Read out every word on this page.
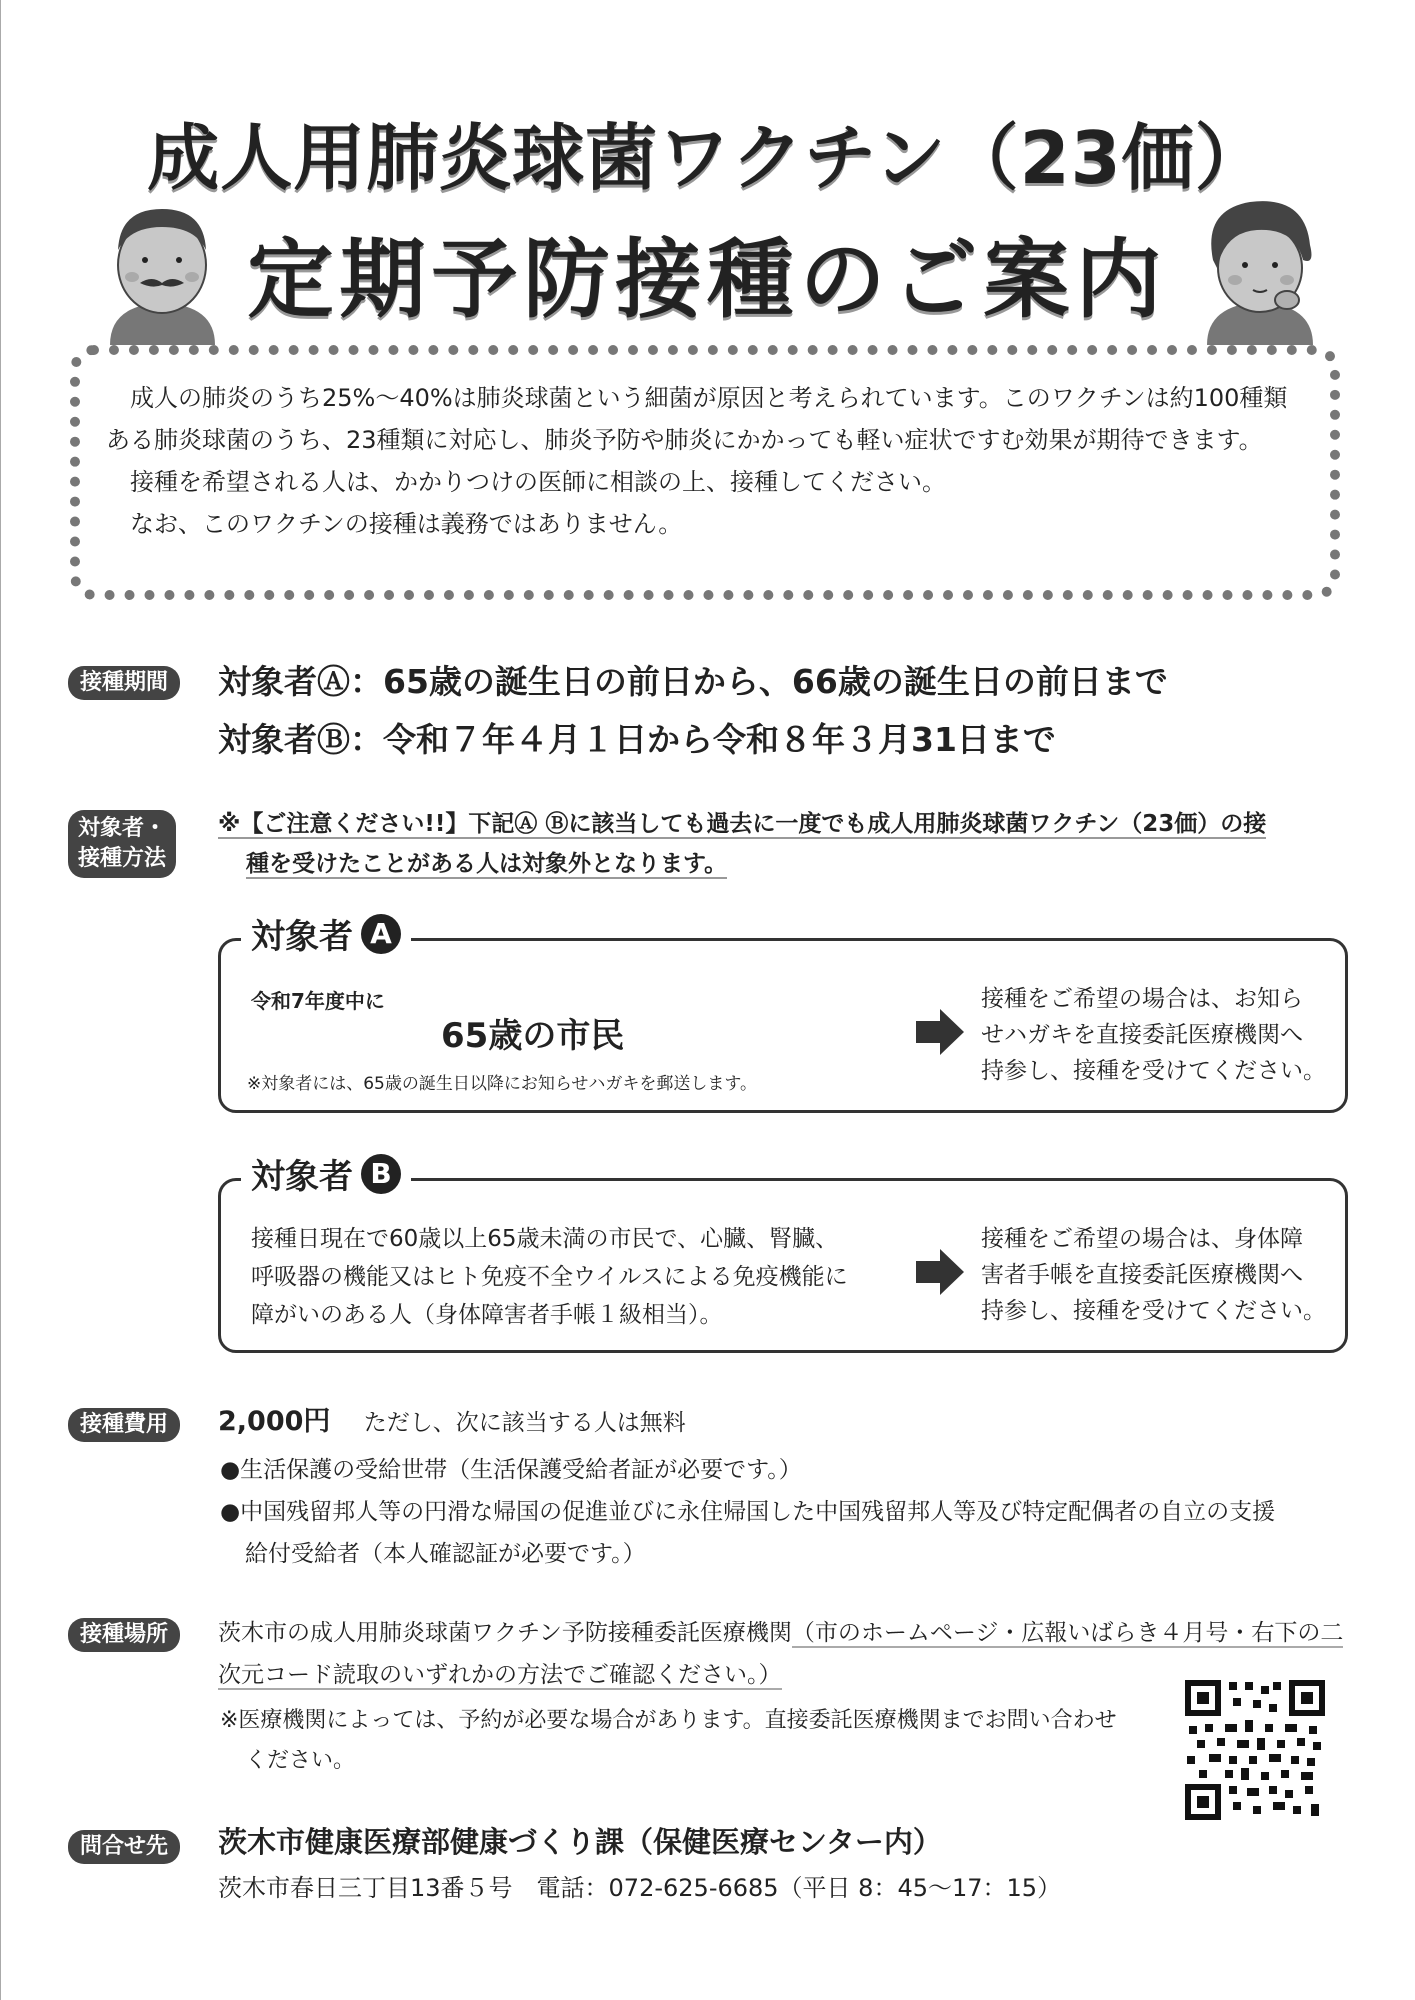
成人用肺炎球菌ワクチン（23価）
定期予防接種のご案内

成人の肺炎のうち25%～40%は肺炎球菌という細菌が原因と考えられています。このワクチンは約100種類ある肺炎球菌のうち、23種類に対応し、肺炎予防や肺炎にかかっても軽い症状ですむ効果が期待できます。

接種を希望される人は、かかりつけの医師に相談の上、接種してください。

なお、このワクチンの接種は義務ではありません。

接種期間	対象者Ⓐ：65歳の誕生日の前日から、66歳の誕生日の前日まで
対象者Ⓑ：令和７年４月１日から令和８年３月31日まで
対象者・
接種方法
※【ご注意ください!!】下記Ⓐ Ⓑに該当しても過去に一度でも成人用肺炎球菌ワクチン（23価）の接
種を受けたことがある人は対象外となります。
対象者 A
令和7年度中に
65歳の市民
※対象者には、65歳の誕生日以降にお知らせハガキを郵送します。
接種をご希望の場合は、お知ら
せハガキを直接委託医療機関へ
持参し、接種を受けてください。
対象者 B
接種日現在で60歳以上65歳未満の市民で、心臓、腎臓、
呼吸器の機能又はヒト免疫不全ウイルスによる免疫機能に
障がいのある人（身体障害者手帳１級相当）。
接種をご希望の場合は、身体障
害者手帳を直接委託医療機関へ
持参し、接種を受けてください。
接種費用	2,000円 ただし、次に該当する人は無料
●生活保護の受給世帯（生活保護受給者証が必要です。）
●中国残留邦人等の円滑な帰国の促進並びに永住帰国した中国残留邦人等及び特定配偶者の自立の支援
給付受給者（本人確認証が必要です。）
接種場所	茨木市の成人用肺炎球菌ワクチン予防接種委託医療機関（市のホームページ・広報いばらき４月号・右下の二
次元コード読取のいずれかの方法でご確認ください。）
※医療機関によっては、予約が必要な場合があります。直接委託医療機関までお問い合わせ
ください。
問合せ先	茨木市健康医療部健康づくり課（保健医療センター内）
茨木市春日三丁目13番５号　電話：072-625-6685（平日 8：45～17：15）
